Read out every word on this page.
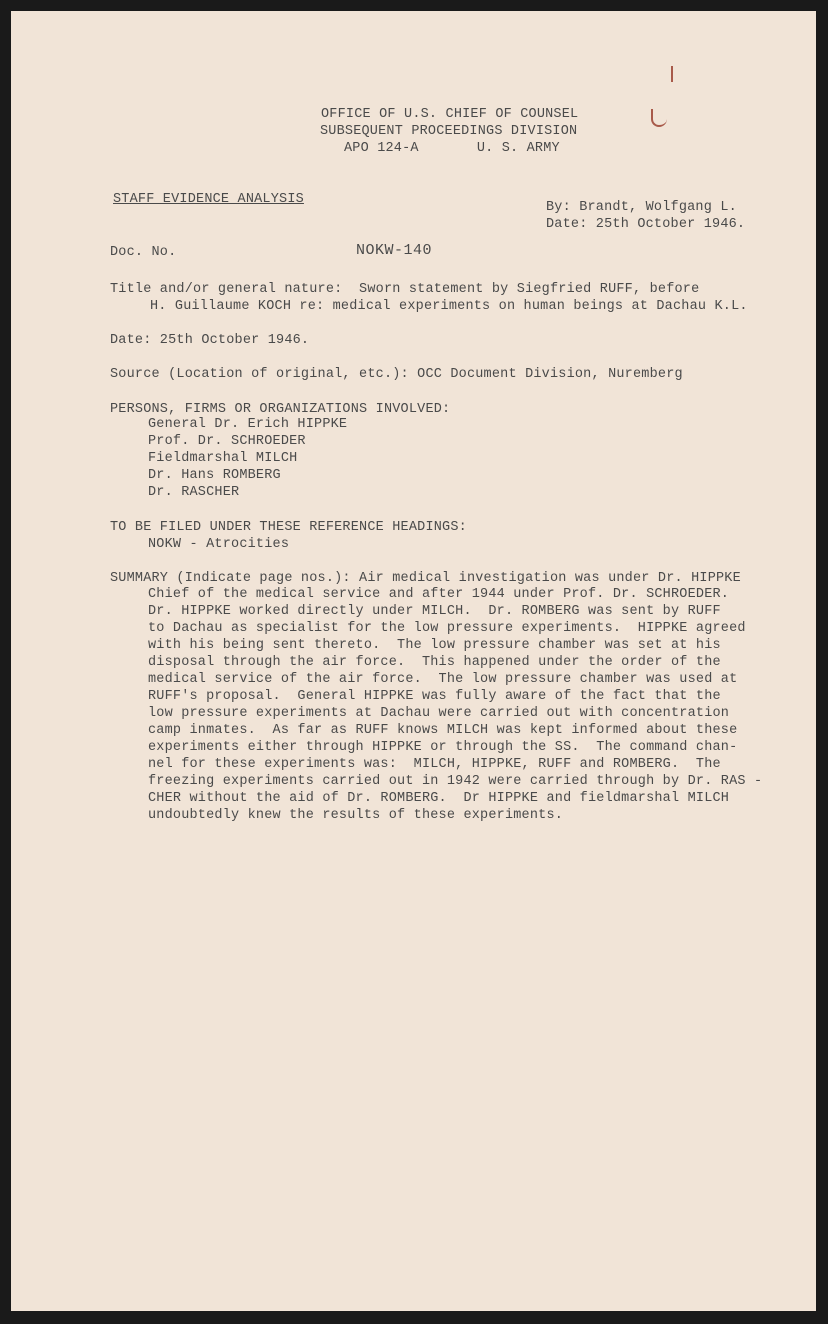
OFFICE OF U.S. CHIEF OF COUNSEL
SUBSEQUENT PROCEEDINGS DIVISION
APO 124-A       U. S. ARMY
STAFF EVIDENCE ANALYSIS
By: Brandt, Wolfgang L.
Date: 25th October 1946.
Doc. No.	NOKW-140
Title and/or general nature:  Sworn statement by Siegfried RUFF, before
H. Guillaume KOCH re: medical experiments on human beings at Dachau K.L.
Date: 25th October 1946.
Source (Location of original, etc.): OCC Document Division, Nuremberg
PERSONS, FIRMS OR ORGANIZATIONS INVOLVED:
General Dr. Erich HIPPKE
Prof. Dr. SCHROEDER
Fieldmarshal MILCH
Dr. Hans ROMBERG
Dr. RASCHER
TO BE FILED UNDER THESE REFERENCE HEADINGS:
NOKW - Atrocities
SUMMARY (Indicate page nos.): Air medical investigation was under Dr. HIPPKE
Chief of the medical service and after 1944 under Prof. Dr. SCHROEDER.
Dr. HIPPKE worked directly under MILCH.  Dr. ROMBERG was sent by RUFF
to Dachau as specialist for the low pressure experiments.  HIPPKE agreed
with his being sent thereto.  The low pressure chamber was set at his
disposal through the air force.  This happened under the order of the
medical service of the air force.  The low pressure chamber was used at
RUFF's proposal.  General HIPPKE was fully aware of the fact that the
low pressure experiments at Dachau were carried out with concentration
camp inmates.  As far as RUFF knows MILCH was kept informed about these
experiments either through HIPPKE or through the SS.  The command chan-
nel for these experiments was:  MILCH, HIPPKE, RUFF and ROMBERG.  The
freezing experiments carried out in 1942 were carried through by Dr. RAS -
CHER without the aid of Dr. ROMBERG.  Dr HIPPKE and fieldmarshal MILCH
undoubtedly knew the results of these experiments.
